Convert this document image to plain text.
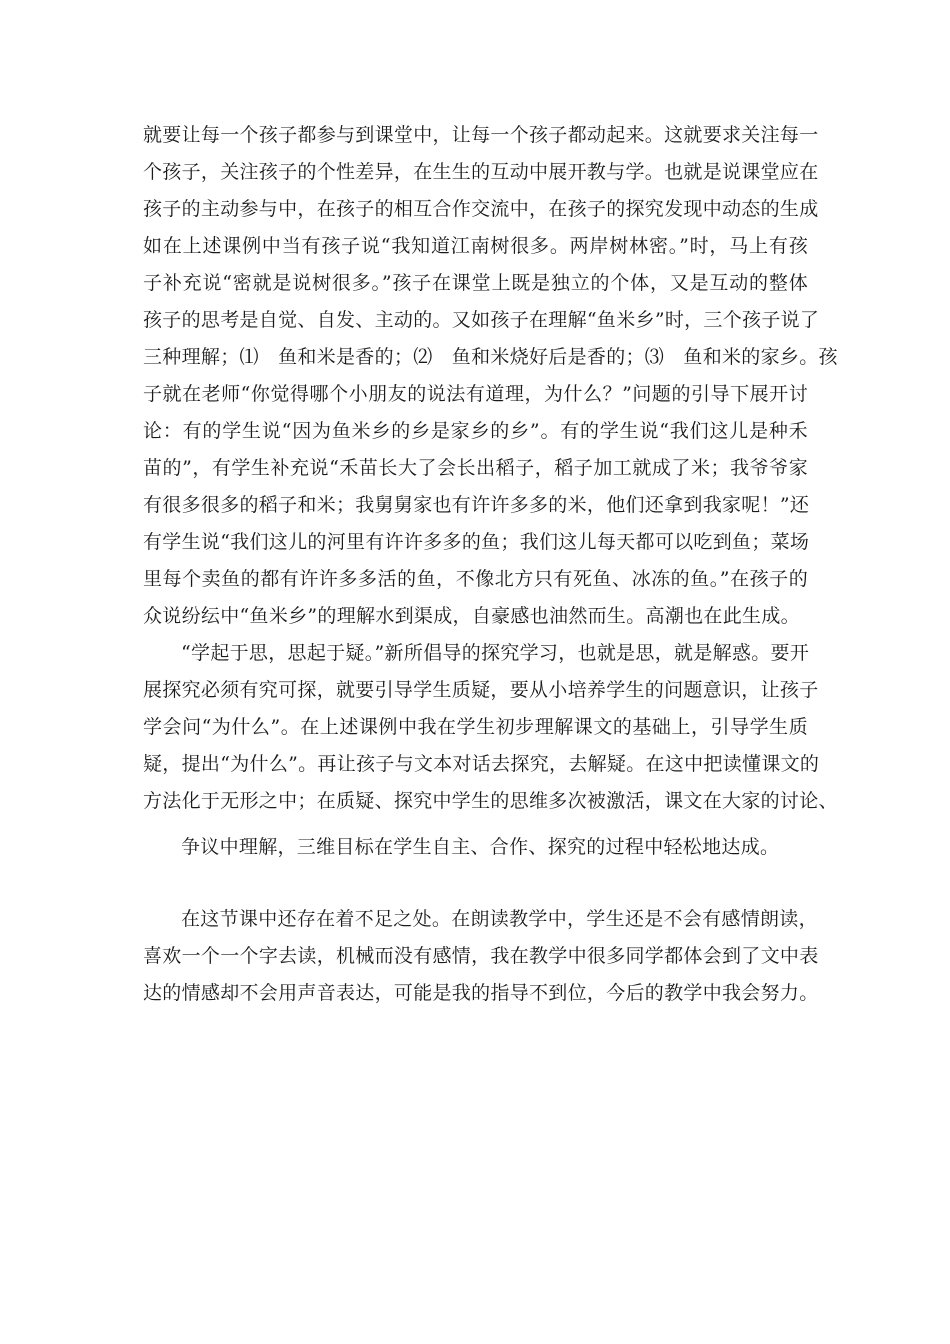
就要让每一个孩子都参与到课堂中，让每一个孩子都动起来。这就要求关注每一
个孩子，关注孩子的个性差异，在生生的互动中展开教与学。也就是说课堂应在
孩子的主动参与中，在孩子的相互合作交流中，在孩子的探究发现中动态的生成
如在上述课例中当有孩子说“我知道江南树很多。两岸树林密。”时，马上有孩
子补充说“密就是说树很多。”孩子在课堂上既是独立的个体，又是互动的整体
孩子的思考是自觉、自发、主动的。又如孩子在理解“鱼米乡”时，三个孩子说了
三种理解；⑴　鱼和米是香的；⑵　鱼和米烧好后是香的；⑶　鱼和米的家乡。孩
子就在老师“你觉得哪个小朋友的说法有道理，为什么？”问题的引导下展开讨
论：有的学生说“因为鱼米乡的乡是家乡的乡”。有的学生说“我们这儿是种禾
苗的”，有学生补充说“禾苗长大了会长出稻子，稻子加工就成了米；我爷爷家
有很多很多的稻子和米；我舅舅家也有许许多多的米，他们还拿到我家呢！”还
有学生说“我们这儿的河里有许许多多的鱼；我们这儿每天都可以吃到鱼；菜场
里每个卖鱼的都有许许多多活的鱼，不像北方只有死鱼、冰冻的鱼。”在孩子的
众说纷纭中“鱼米乡”的理解水到渠成，自豪感也油然而生。高潮也在此生成。
“学起于思，思起于疑。”新所倡导的探究学习，也就是思，就是解惑。要开
展探究必须有究可探，就要引导学生质疑，要从小培养学生的问题意识，让孩子
学会问“为什么”。在上述课例中我在学生初步理解课文的基础上，引导学生质
疑，提出“为什么”。再让孩子与文本对话去探究，去解疑。在这中把读懂课文的
方法化于无形之中；在质疑、探究中学生的思维多次被激活，课文在大家的讨论、
争议中理解，三维目标在学生自主、合作、探究的过程中轻松地达成。
在这节课中还存在着不足之处。在朗读教学中，学生还是不会有感情朗读，
喜欢一个一个字去读，机械而没有感情，我在教学中很多同学都体会到了文中表
达的情感却不会用声音表达，可能是我的指导不到位，今后的教学中我会努力。
